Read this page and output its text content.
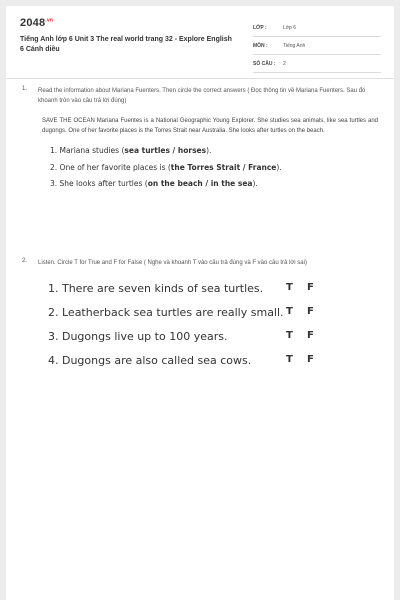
$2048^{.vn}$
Tiếng Anh lớp 6 Unit 3 The real world trang 32 - Explore English 6 Cánh diều
LỚP :	Lớp 6
MÔN :	Tiếng Anh
SỐ CÂU :	2
1. Read the information about Mariana Fuenters. Then circle the correct answers ( Đọc thông tin về Mariana Fuenters. Sau đó khoanh tròn vào câu trả lời đúng)
SAVE THE OCEAN Mariana Fuentes is a National Geographic Young Explorer. She studies sea animals, like sea turtles and dugongs. One of her favorite places is the Torres Strait near Australia. She looks after turtles on the beach.
1. Mariana studies (sea turtles / horses).
2. One of her favorite places is (the Torres Strait / France).
3. She looks after turtles (on the beach / in the sea).
2. Listen. Circle T for True and F for False ( Nghe và khoanh T vào câu trả đúng và F vào câu trả lời sai)
1. There are seven kinds of sea turtles. T F
2. Leatherback sea turtles are really small. T F
3. Dugongs live up to 100 years.	T F
4. Dugongs are also called sea cows.	T F
